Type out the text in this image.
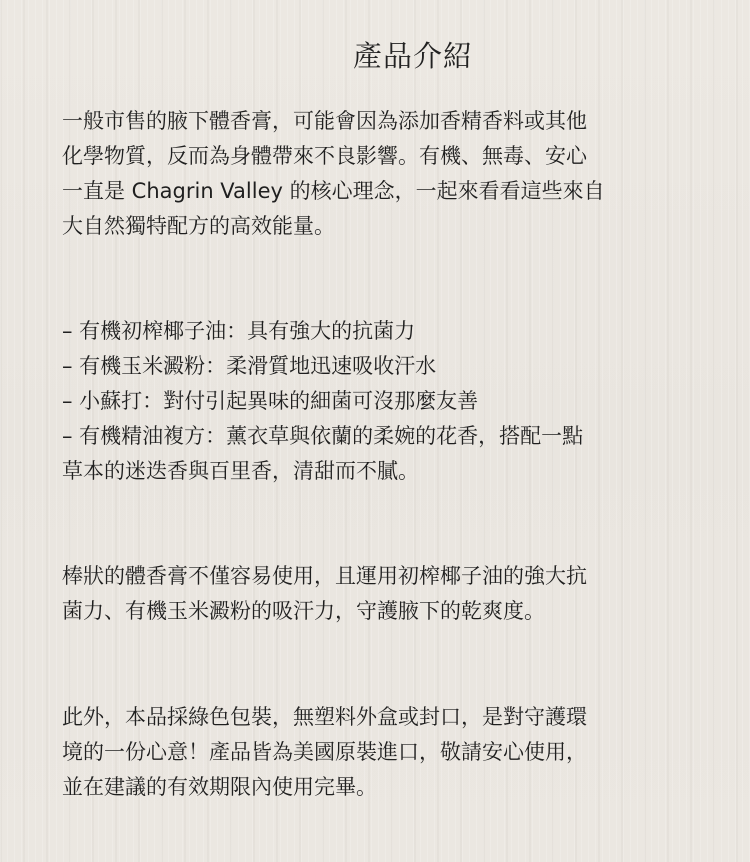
產品介紹
一般市售的腋下體香膏，可能會因為添加香精香料或其他
化學物質，反而為身體帶來不良影響。有機、無毒、安心
一直是 Chagrin Valley 的核心理念，一起來看看這些來自
大自然獨特配方的高效能量。
– 有機初榨椰子油：具有強大的抗菌力
– 有機玉米澱粉：柔滑質地迅速吸收汗水
– 小蘇打：對付引起異味的細菌可沒那麼友善
– 有機精油複方：薰衣草與依蘭的柔婉的花香，搭配一點
草本的迷迭香與百里香，清甜而不膩。
棒狀的體香膏不僅容易使用，且運用初榨椰子油的強大抗
菌力、有機玉米澱粉的吸汗力，守護腋下的乾爽度。
此外，本品採綠色包裝，無塑料外盒或封口，是對守護環
境的一份心意！產品皆為美國原裝進口，敬請安心使用，
並在建議的有效期限內使用完畢。
